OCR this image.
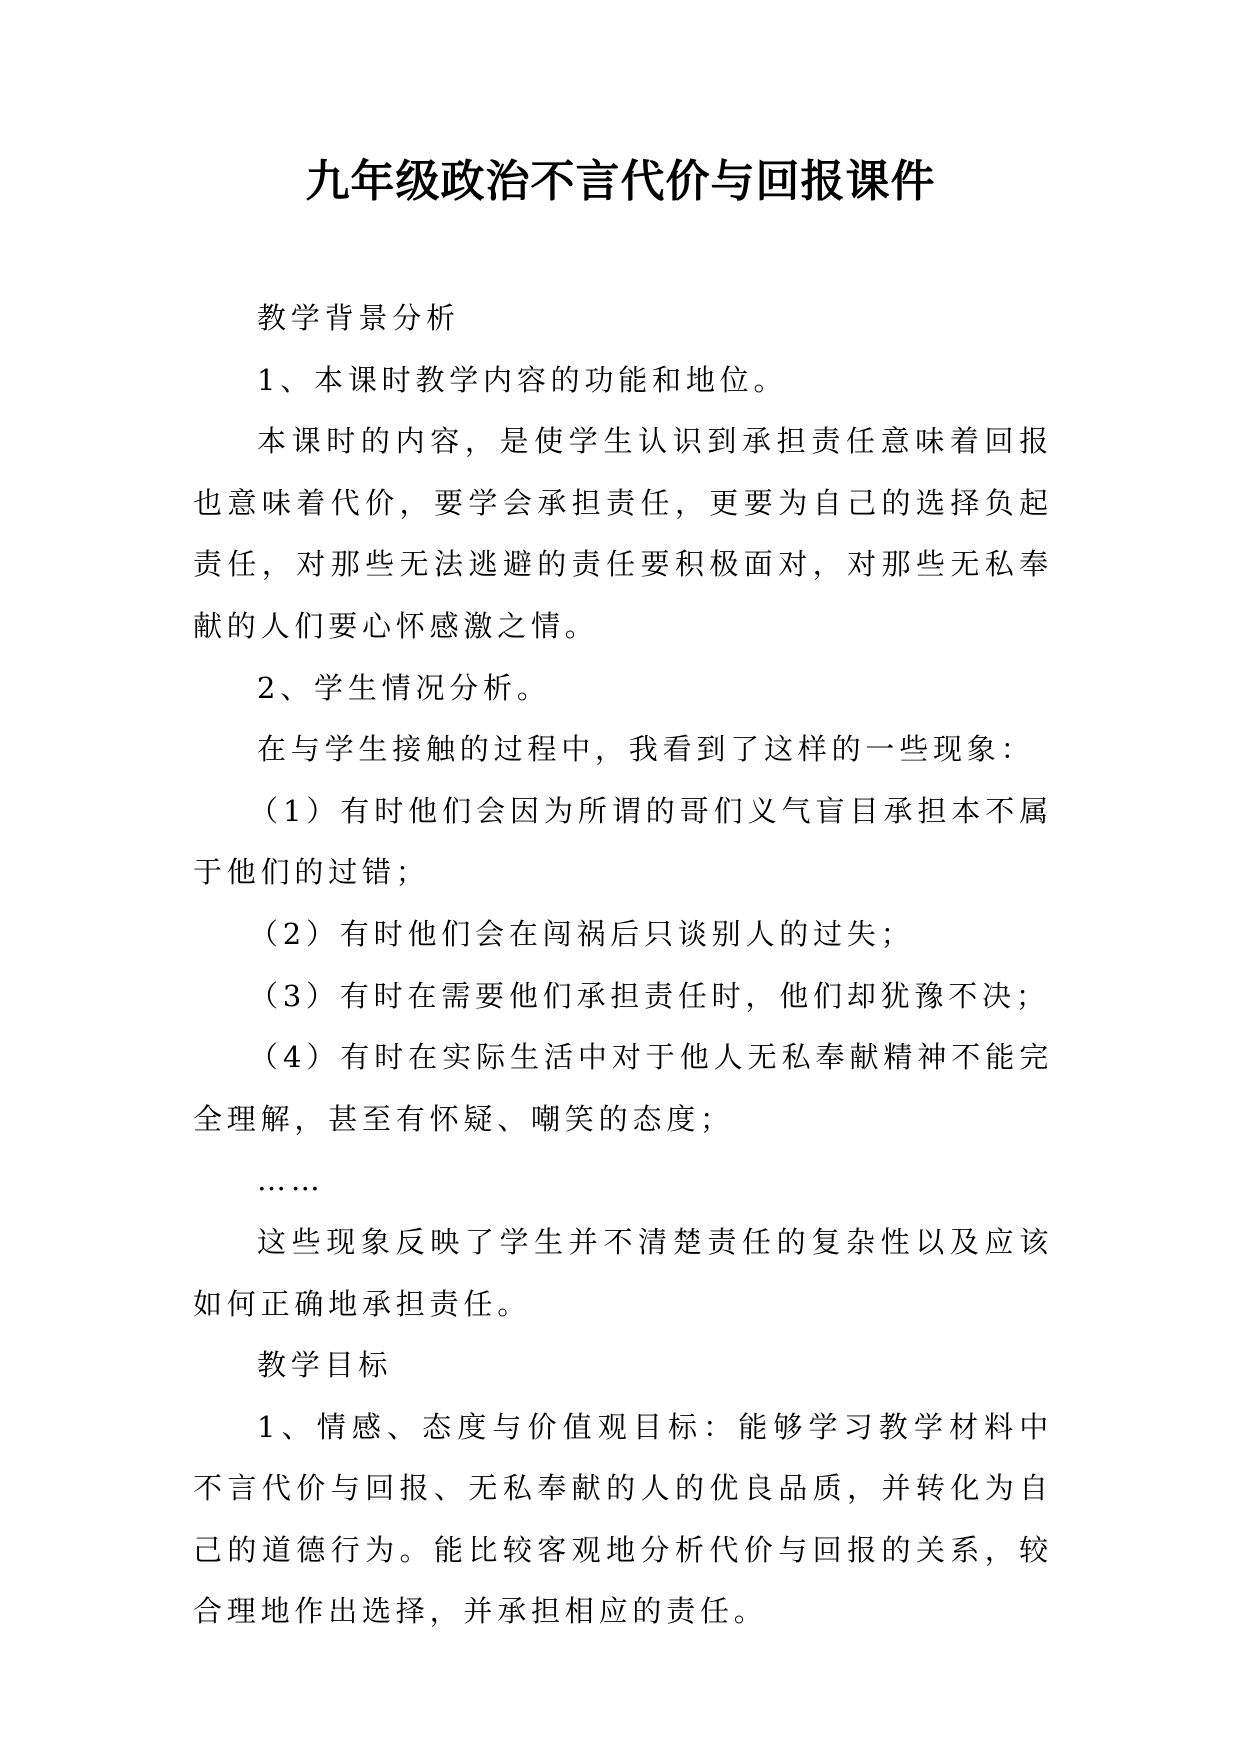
九年级政治不言代价与回报课件

教学背景分析

1、本课时教学内容的功能和地位。

本课时的内容，是使学生认识到承担责任意味着回报也意味着代价，要学会承担责任，更要为自己的选择负起责任，对那些无法逃避的责任要积极面对，对那些无私奉献的人们要心怀感激之情。

2、学生情况分析。

在与学生接触的过程中，我看到了这样的一些现象：

（1）有时他们会因为所谓的哥们义气盲目承担本不属于他们的过错；

（2）有时他们会在闯祸后只谈别人的过失；

（3）有时在需要他们承担责任时，他们却犹豫不决；

（4）有时在实际生活中对于他人无私奉献精神不能完全理解，甚至有怀疑、嘲笑的态度；

……

这些现象反映了学生并不清楚责任的复杂性以及应该如何正确地承担责任。

教学目标

1、情感、态度与价值观目标：能够学习教学材料中不言代价与回报、无私奉献的人的优良品质，并转化为自己的道德行为。能比较客观地分析代价与回报的关系，较合理地作出选择，并承担相应的责任。
